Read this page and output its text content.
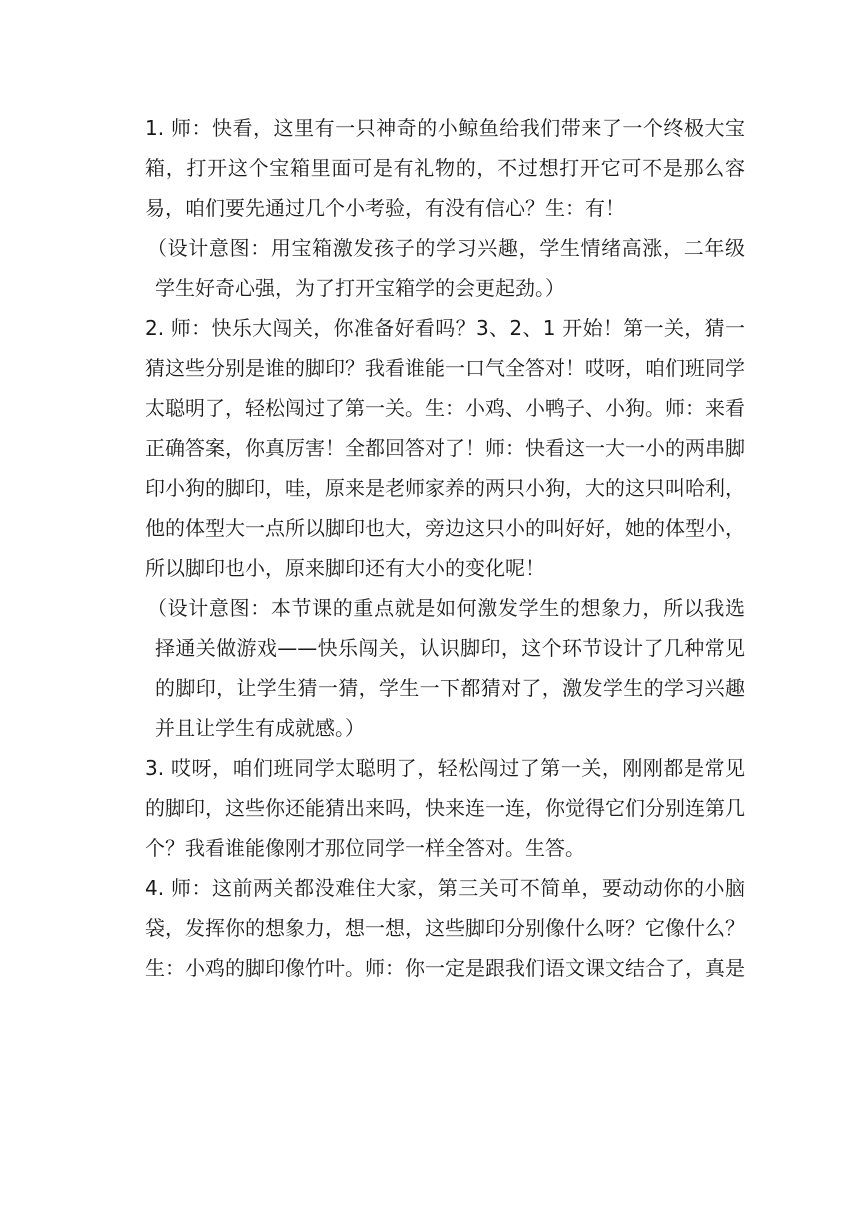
1. 师：快看，这里有一只神奇的小鲸鱼给我们带来了一个终极大宝箱，打开这个宝箱里面可是有礼物的，不过想打开它可不是那么容易，咱们要先通过几个小考验，有没有信心？生：有！

（设计意图：用宝箱激发孩子的学习兴趣，学生情绪高涨，二年级学生好奇心强，为了打开宝箱学的会更起劲。）

2. 师：快乐大闯关，你准备好看吗？3、2、1 开始！第一关，猜一猜这些分别是谁的脚印？我看谁能一口气全答对！哎呀，咱们班同学太聪明了，轻松闯过了第一关。生：小鸡、小鸭子、小狗。师：来看正确答案，你真厉害！全都回答对了！师：快看这一大一小的两串脚印小狗的脚印，哇，原来是老师家养的两只小狗，大的这只叫哈利，他的体型大一点所以脚印也大，旁边这只小的叫好好，她的体型小，所以脚印也小，原来脚印还有大小的变化呢！

（设计意图：本节课的重点就是如何激发学生的想象力，所以我选择通关做游戏——快乐闯关，认识脚印，这个环节设计了几种常见的脚印，让学生猜一猜，学生一下都猜对了，激发学生的学习兴趣并且让学生有成就感。）

3. 哎呀，咱们班同学太聪明了，轻松闯过了第一关，刚刚都是常见的脚印，这些你还能猜出来吗，快来连一连，你觉得它们分别连第几个？我看谁能像刚才那位同学一样全答对。生答。

4. 师：这前两关都没难住大家，第三关可不简单，要动动你的小脑袋，发挥你的想象力，想一想，这些脚印分别像什么呀？它像什么？生：小鸡的脚印像竹叶。师：你一定是跟我们语文课文结合了，真是
